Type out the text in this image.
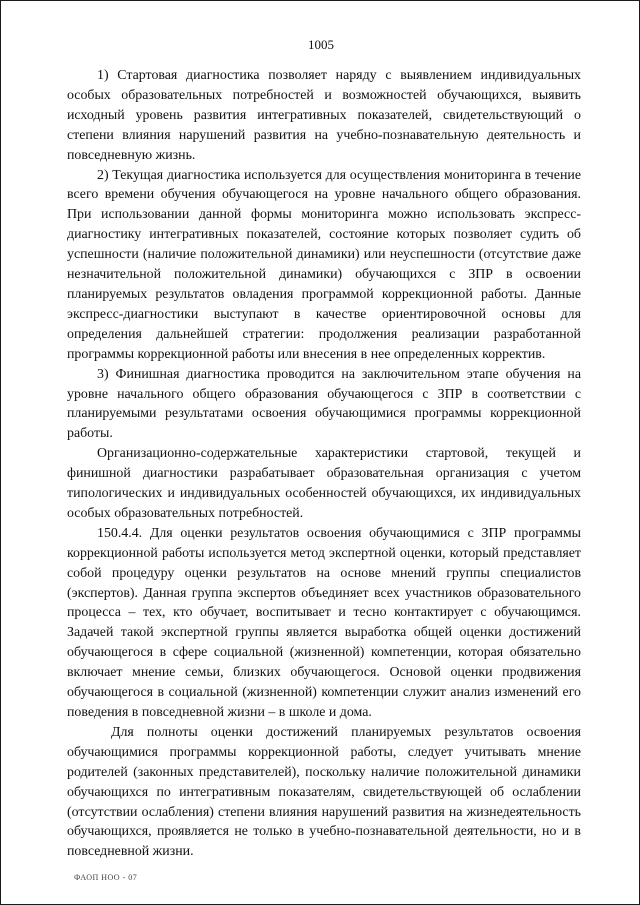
1005

1) Стартовая диагностика позволяет наряду с выявлением индивидуальных особых образовательных потребностей и возможностей обучающихся, выявить исходный уровень развития интегративных показателей, свидетельствующий о степени влияния нарушений развития на учебно-познавательную деятельность и повседневную жизнь.

2) Текущая диагностика используется для осуществления мониторинга в течение всего времени обучения обучающегося на уровне начального общего образования. При использовании данной формы мониторинга можно использовать экспресс-диагностику интегративных показателей, состояние которых позволяет судить об успешности (наличие положительной динамики) или неуспешности (отсутствие даже незначительной положительной динамики) обучающихся с ЗПР в освоении планируемых результатов овладения программой коррекционной работы. Данные экспресс-диагностики выступают в качестве ориентировочной основы для определения дальнейшей стратегии: продолжения реализации разработанной программы коррекционной работы или внесения в нее определенных корректив.

3) Финишная диагностика проводится на заключительном этапе обучения на уровне начального общего образования обучающегося с ЗПР в соответствии с планируемыми результатами освоения обучающимися программы коррекционной работы.

Организационно-содержательные характеристики стартовой, текущей и финишной диагностики разрабатывает образовательная организация с учетом типологических и индивидуальных особенностей обучающихся, их индивидуальных особых образовательных потребностей.

150.4.4. Для оценки результатов освоения обучающимися с ЗПР программы коррекционной работы используется метод экспертной оценки, который представляет собой процедуру оценки результатов на основе мнений группы специалистов (экспертов). Данная группа экспертов объединяет всех участников образовательного процесса – тех, кто обучает, воспитывает и тесно контактирует с обучающимся. Задачей такой экспертной группы является выработка общей оценки достижений обучающегося в сфере социальной (жизненной) компетенции, которая обязательно включает мнение семьи, близких обучающегося. Основой оценки продвижения обучающегося в социальной (жизненной) компетенции служит анализ изменений его поведения в повседневной жизни – в школе и дома.

Для полноты оценки достижений планируемых результатов освоения обучающимися программы коррекционной работы, следует учитывать мнение родителей (законных представителей), поскольку наличие положительной динамики обучающихся по интегративным показателям, свидетельствующей об ослаблении (отсутствии ослабления) степени влияния нарушений развития на жизнедеятельность обучающихся, проявляется не только в учебно-познавательной деятельности, но и в повседневной жизни.

ФАОП НОО - 07
